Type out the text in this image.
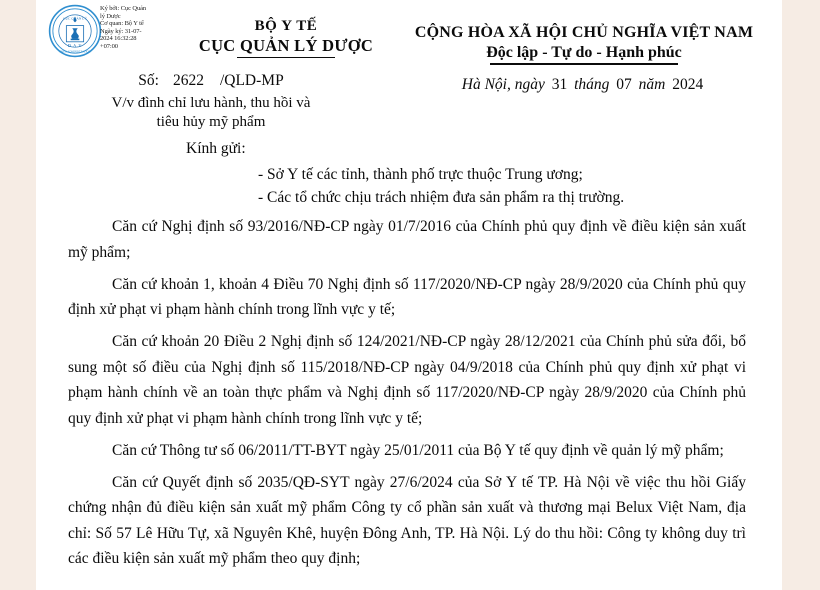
CỤC QUẢN LÝ
D.A.V
DRUG ADMINISTRATION
Ký bởi: Cục Quản
lý Dược
Cơ quan: Bộ Y tế
Ngày ký: 31-07-
2024 16:32:28
+07:00
BỘ Y TẾ
CỤC QUẢN LÝ DƯỢC
Số: 2622 /QLD-MP
V/v đình chỉ lưu hành, thu hồi và
tiêu hủy mỹ phẩm
CỘNG HÒA XÃ HỘI CHỦ NGHĨA VIỆT NAM
Độc lập - Tự do - Hạnh phúc
Hà Nội, ngày 31 tháng 07 năm 2024
Kính gửi:
- Sở Y tế các tỉnh, thành phố trực thuộc Trung ương;
- Các tổ chức chịu trách nhiệm đưa sản phẩm ra thị trường.

Căn cứ Nghị định số 93/2016/NĐ-CP ngày 01/7/2016 của Chính phủ quy định về điều kiện sản xuất mỹ phẩm;

Căn cứ khoản 1, khoản 4 Điều 70 Nghị định số 117/2020/NĐ-CP ngày 28/9/2020 của Chính phủ quy định xử phạt vi phạm hành chính trong lĩnh vực y tế;

Căn cứ khoản 20 Điều 2 Nghị định số 124/2021/NĐ-CP ngày 28/12/2021 của Chính phủ sửa đổi, bổ sung một số điều của Nghị định số 115/2018/NĐ-CP ngày 04/9/2018 của Chính phủ quy định xử phạt vi phạm hành chính về an toàn thực phẩm và Nghị định số 117/2020/NĐ-CP ngày 28/9/2020 của Chính phủ quy định xử phạt vi phạm hành chính trong lĩnh vực y tế;

Căn cứ Thông tư số 06/2011/TT-BYT ngày 25/01/2011 của Bộ Y tế quy định về quản lý mỹ phẩm;

Căn cứ Quyết định số 2035/QĐ-SYT ngày 27/6/2024 của Sở Y tế TP. Hà Nội về việc thu hồi Giấy chứng nhận đủ điều kiện sản xuất mỹ phẩm Công ty cổ phần sản xuất và thương mại Belux Việt Nam, địa chỉ: Số 57 Lê Hữu Tự, xã Nguyên Khê, huyện Đông Anh, TP. Hà Nội. Lý do thu hồi: Công ty không duy trì các điều kiện sản xuất mỹ phẩm theo quy định;
